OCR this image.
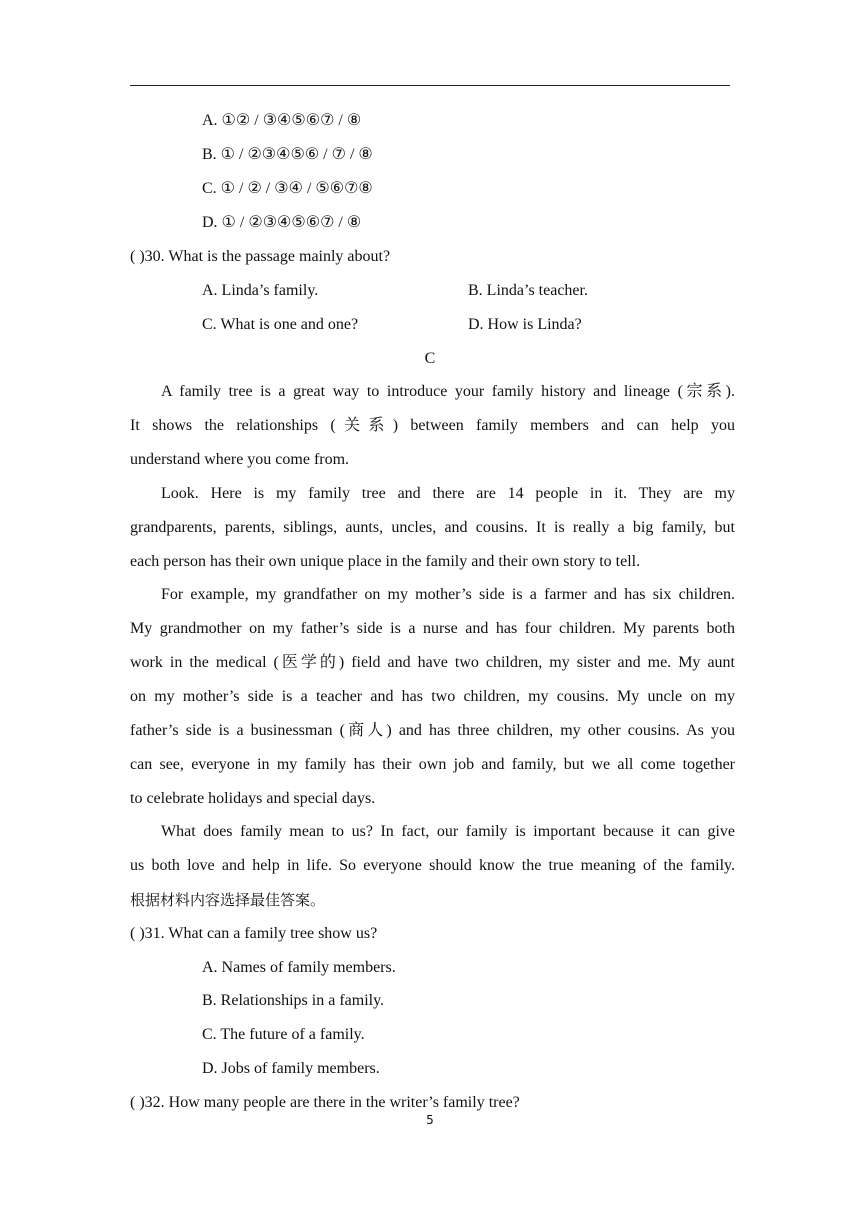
A. ①② / ③④⑤⑥⑦ / ⑧
B. ① / ②③④⑤⑥ / ⑦ / ⑧
C. ① / ② / ③④ / ⑤⑥⑦⑧
D. ① / ②③④⑤⑥⑦ / ⑧
( )30. What is the passage mainly about?
A. Linda’s family.	B. Linda’s teacher.
C. What is one and one?	D. How is Linda?
C
A family tree is a great way to introduce your family history and lineage (宗系).
It shows the relationships (关系) between family members and can help you
understand where you come from.
Look. Here is my family tree and there are 14 people in it. They are my
grandparents, parents, siblings, aunts, uncles, and cousins. It is really a big family, but
each person has their own unique place in the family and their own story to tell.
For example, my grandfather on my mother’s side is a farmer and has six children.
My grandmother on my father’s side is a nurse and has four children. My parents both
work in the medical (医学的) field and have two children, my sister and me. My aunt
on my mother’s side is a teacher and has two children, my cousins. My uncle on my
father’s side is a businessman (商人) and has three children, my other cousins. As you
can see, everyone in my family has their own job and family, but we all come together
to celebrate holidays and special days.
What does family mean to us? In fact, our family is important because it can give
us both love and help in life. So everyone should know the true meaning of the family.
根据材料内容选择最佳答案。
( )31. What can a family tree show us?
A. Names of family members.
B. Relationships in a family.
C. The future of a family.
D. Jobs of family members.
( )32. How many people are there in the writer’s family tree?
5
